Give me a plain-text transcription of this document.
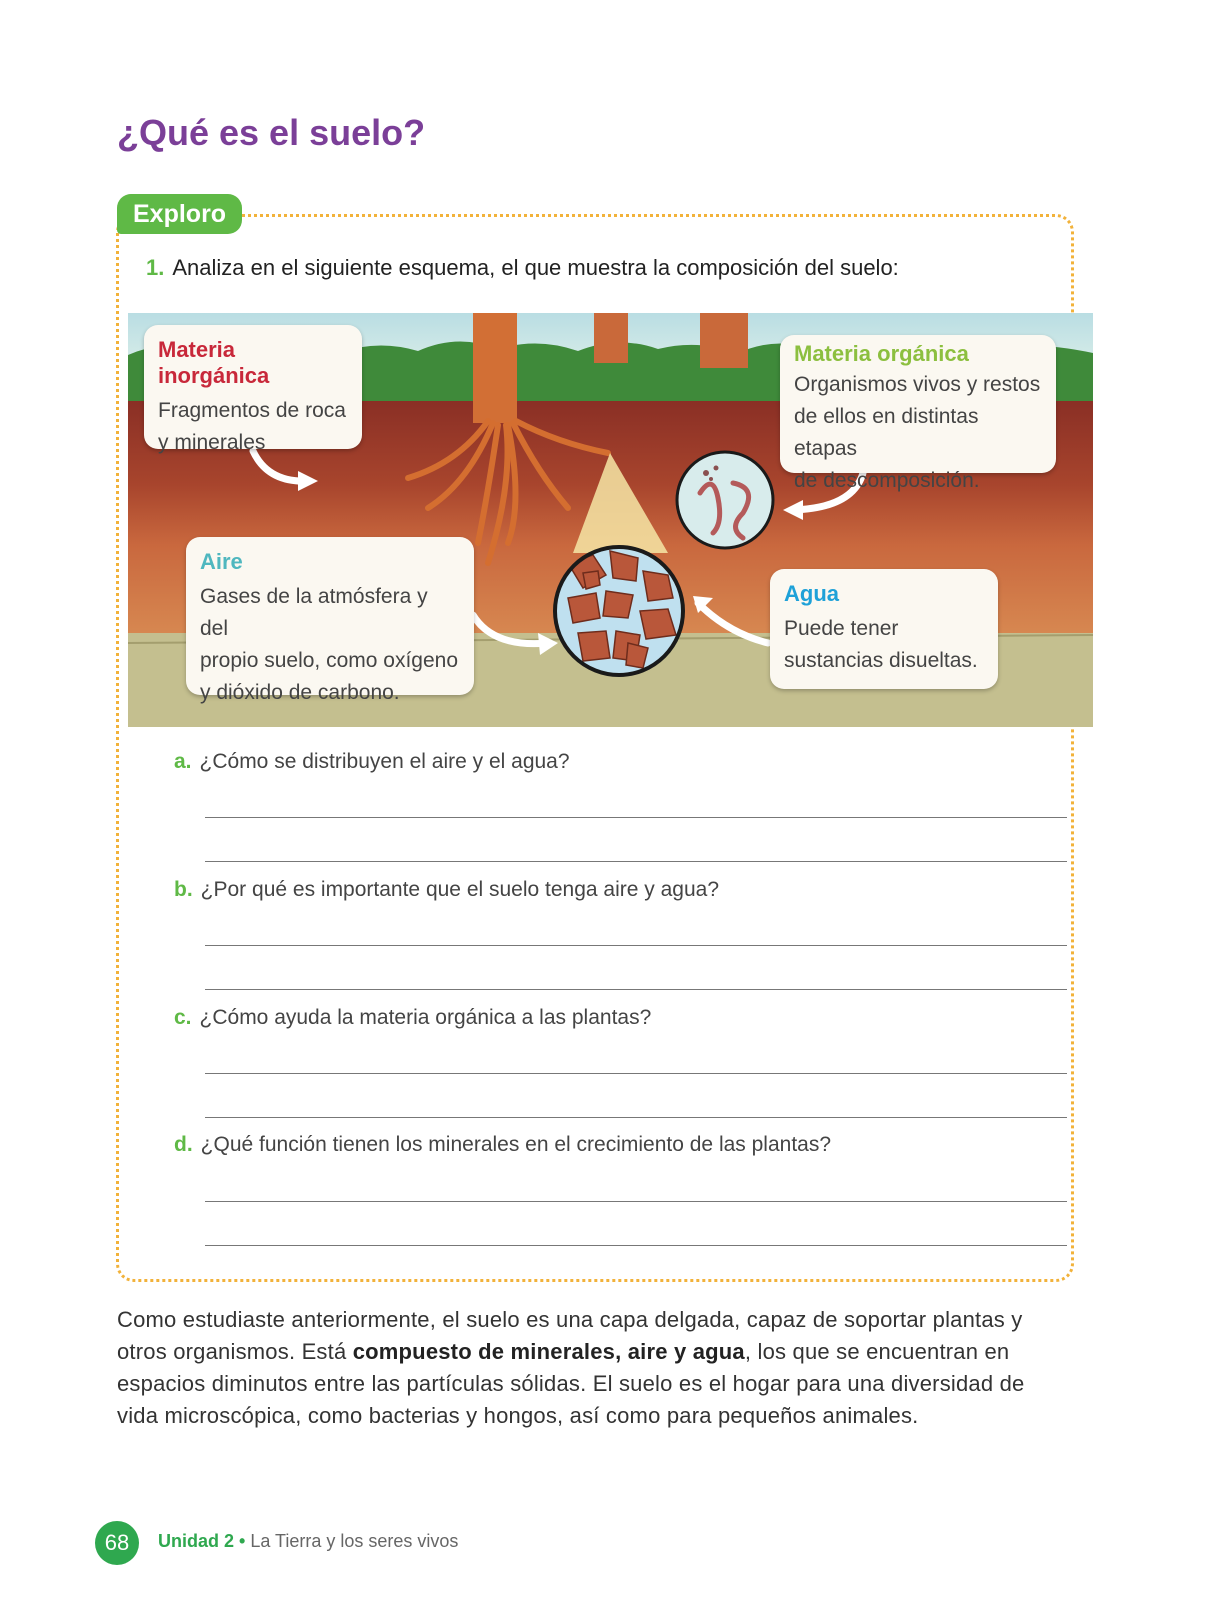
¿Qué es el suelo?
Exploro
1. Analiza en el siguiente esquema, el que muestra la composición del suelo:
Materia inorgánica
Fragmentos de roca
y minerales
Materia orgánica
Organismos vivos y restos
de ellos en distintas etapas
de descomposición.
Aire
Gases de la atmósfera y del
propio suelo, como oxígeno
y dióxido de carbono.
Agua
Puede tener
sustancias disueltas.
a. ¿Cómo se distribuyen el aire y el agua?
b. ¿Por qué es importante que el suelo tenga aire y agua?
c. ¿Cómo ayuda la materia orgánica a las plantas?
d. ¿Qué función tienen los minerales en el crecimiento de las plantas?

Como estudiaste anteriormente, el suelo es una capa delgada, capaz de soportar plantas y otros organismos. Está compuesto de minerales, aire y agua, los que se encuentran en espacios diminutos entre las partículas sólidas. El suelo es el hogar para una diversidad de vida microscópica, como bacterias y hongos, así como para pequeños animales.

68	Unidad 2 • La Tierra y los seres vivos
